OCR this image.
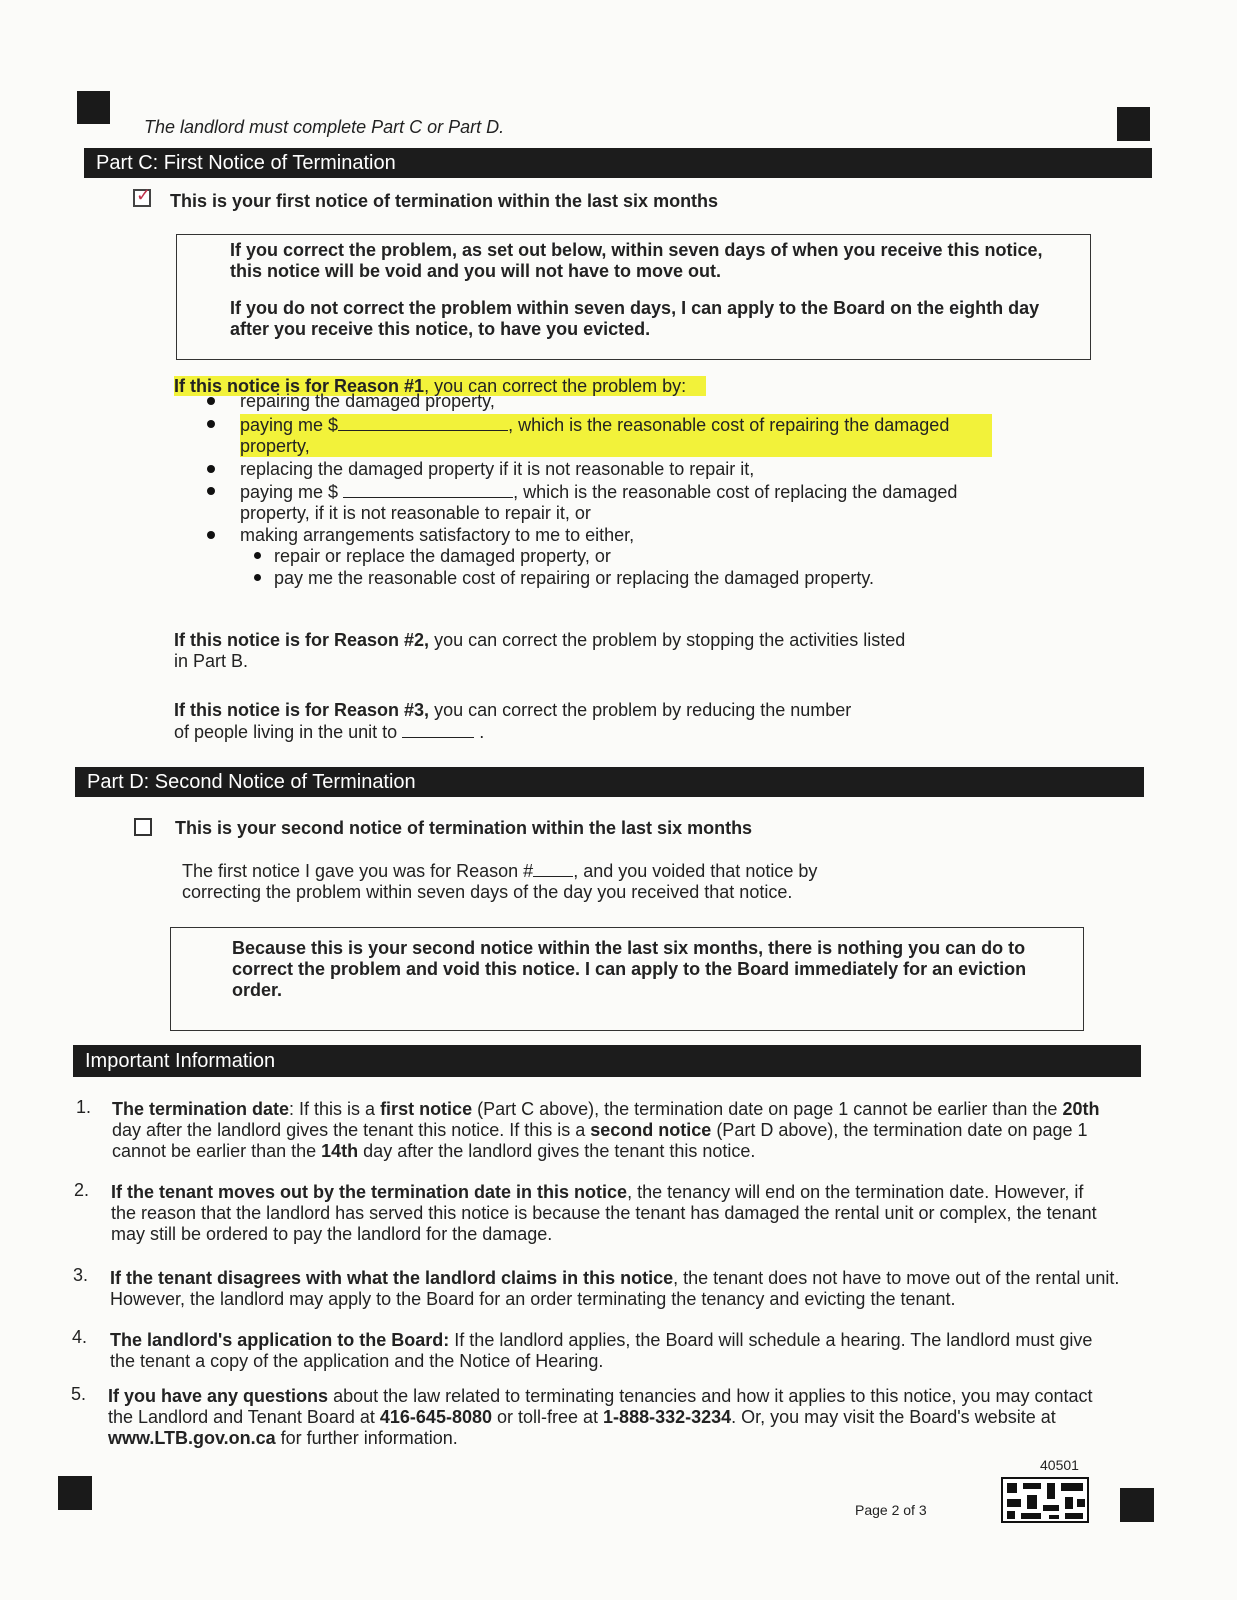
The landlord must complete Part C or Part D.
Part C: First Notice of Termination
✓ This is your first notice of termination within the last six months
If you correct the problem, as set out below, within seven days of when you receive this notice, this notice will be void and you will not have to move out.
If you do not correct the problem within seven days, I can apply to the Board on the eighth day after you receive this notice, to have you evicted.
If this notice is for Reason #1, you can correct the problem by:
repairing the damaged property,
paying me $	, which is the reasonable cost of repairing the damaged property,
replacing the damaged property if it is not reasonable to repair it,
paying me $	, which is the reasonable cost of replacing the damaged property, if it is not reasonable to repair it, or
making arrangements satisfactory to me to either,
repair or replace the damaged property, or
pay me the reasonable cost of repairing or replacing the damaged property.
If this notice is for Reason #2, you can correct the problem by stopping the activities listed in Part B.
If this notice is for Reason #3, you can correct the problem by reducing the number of people living in the unit to	.
Part D: Second Notice of Termination
This is your second notice of termination within the last six months
The first notice I gave you was for Reason # , and you voided that notice by correcting the problem within seven days of the day you received that notice.
Because this is your second notice within the last six months, there is nothing you can do to correct the problem and void this notice. I can apply to the Board immediately for an eviction order.
Important Information
1. The termination date: If this is a first notice (Part C above), the termination date on page 1 cannot be earlier than the 20th day after the landlord gives the tenant this notice. If this is a second notice (Part D above), the termination date on page 1 cannot be earlier than the 14th day after the landlord gives the tenant this notice.
2. If the tenant moves out by the termination date in this notice, the tenancy will end on the termination date. However, if the reason that the landlord has served this notice is because the tenant has damaged the rental unit or complex, the tenant may still be ordered to pay the landlord for the damage.
3. If the tenant disagrees with what the landlord claims in this notice, the tenant does not have to move out of the rental unit. However, the landlord may apply to the Board for an order terminating the tenancy and evicting the tenant.
4. The landlord's application to the Board: If the landlord applies, the Board will schedule a hearing. The landlord must give the tenant a copy of the application and the Notice of Hearing.
5. If you have any questions about the law related to terminating tenancies and how it applies to this notice, you may contact the Landlord and Tenant Board at 416-645-8080 or toll-free at 1-888-332-3234. Or, you may visit the Board's website at www.LTB.gov.on.ca for further information.
40501
Page 2 of 3
